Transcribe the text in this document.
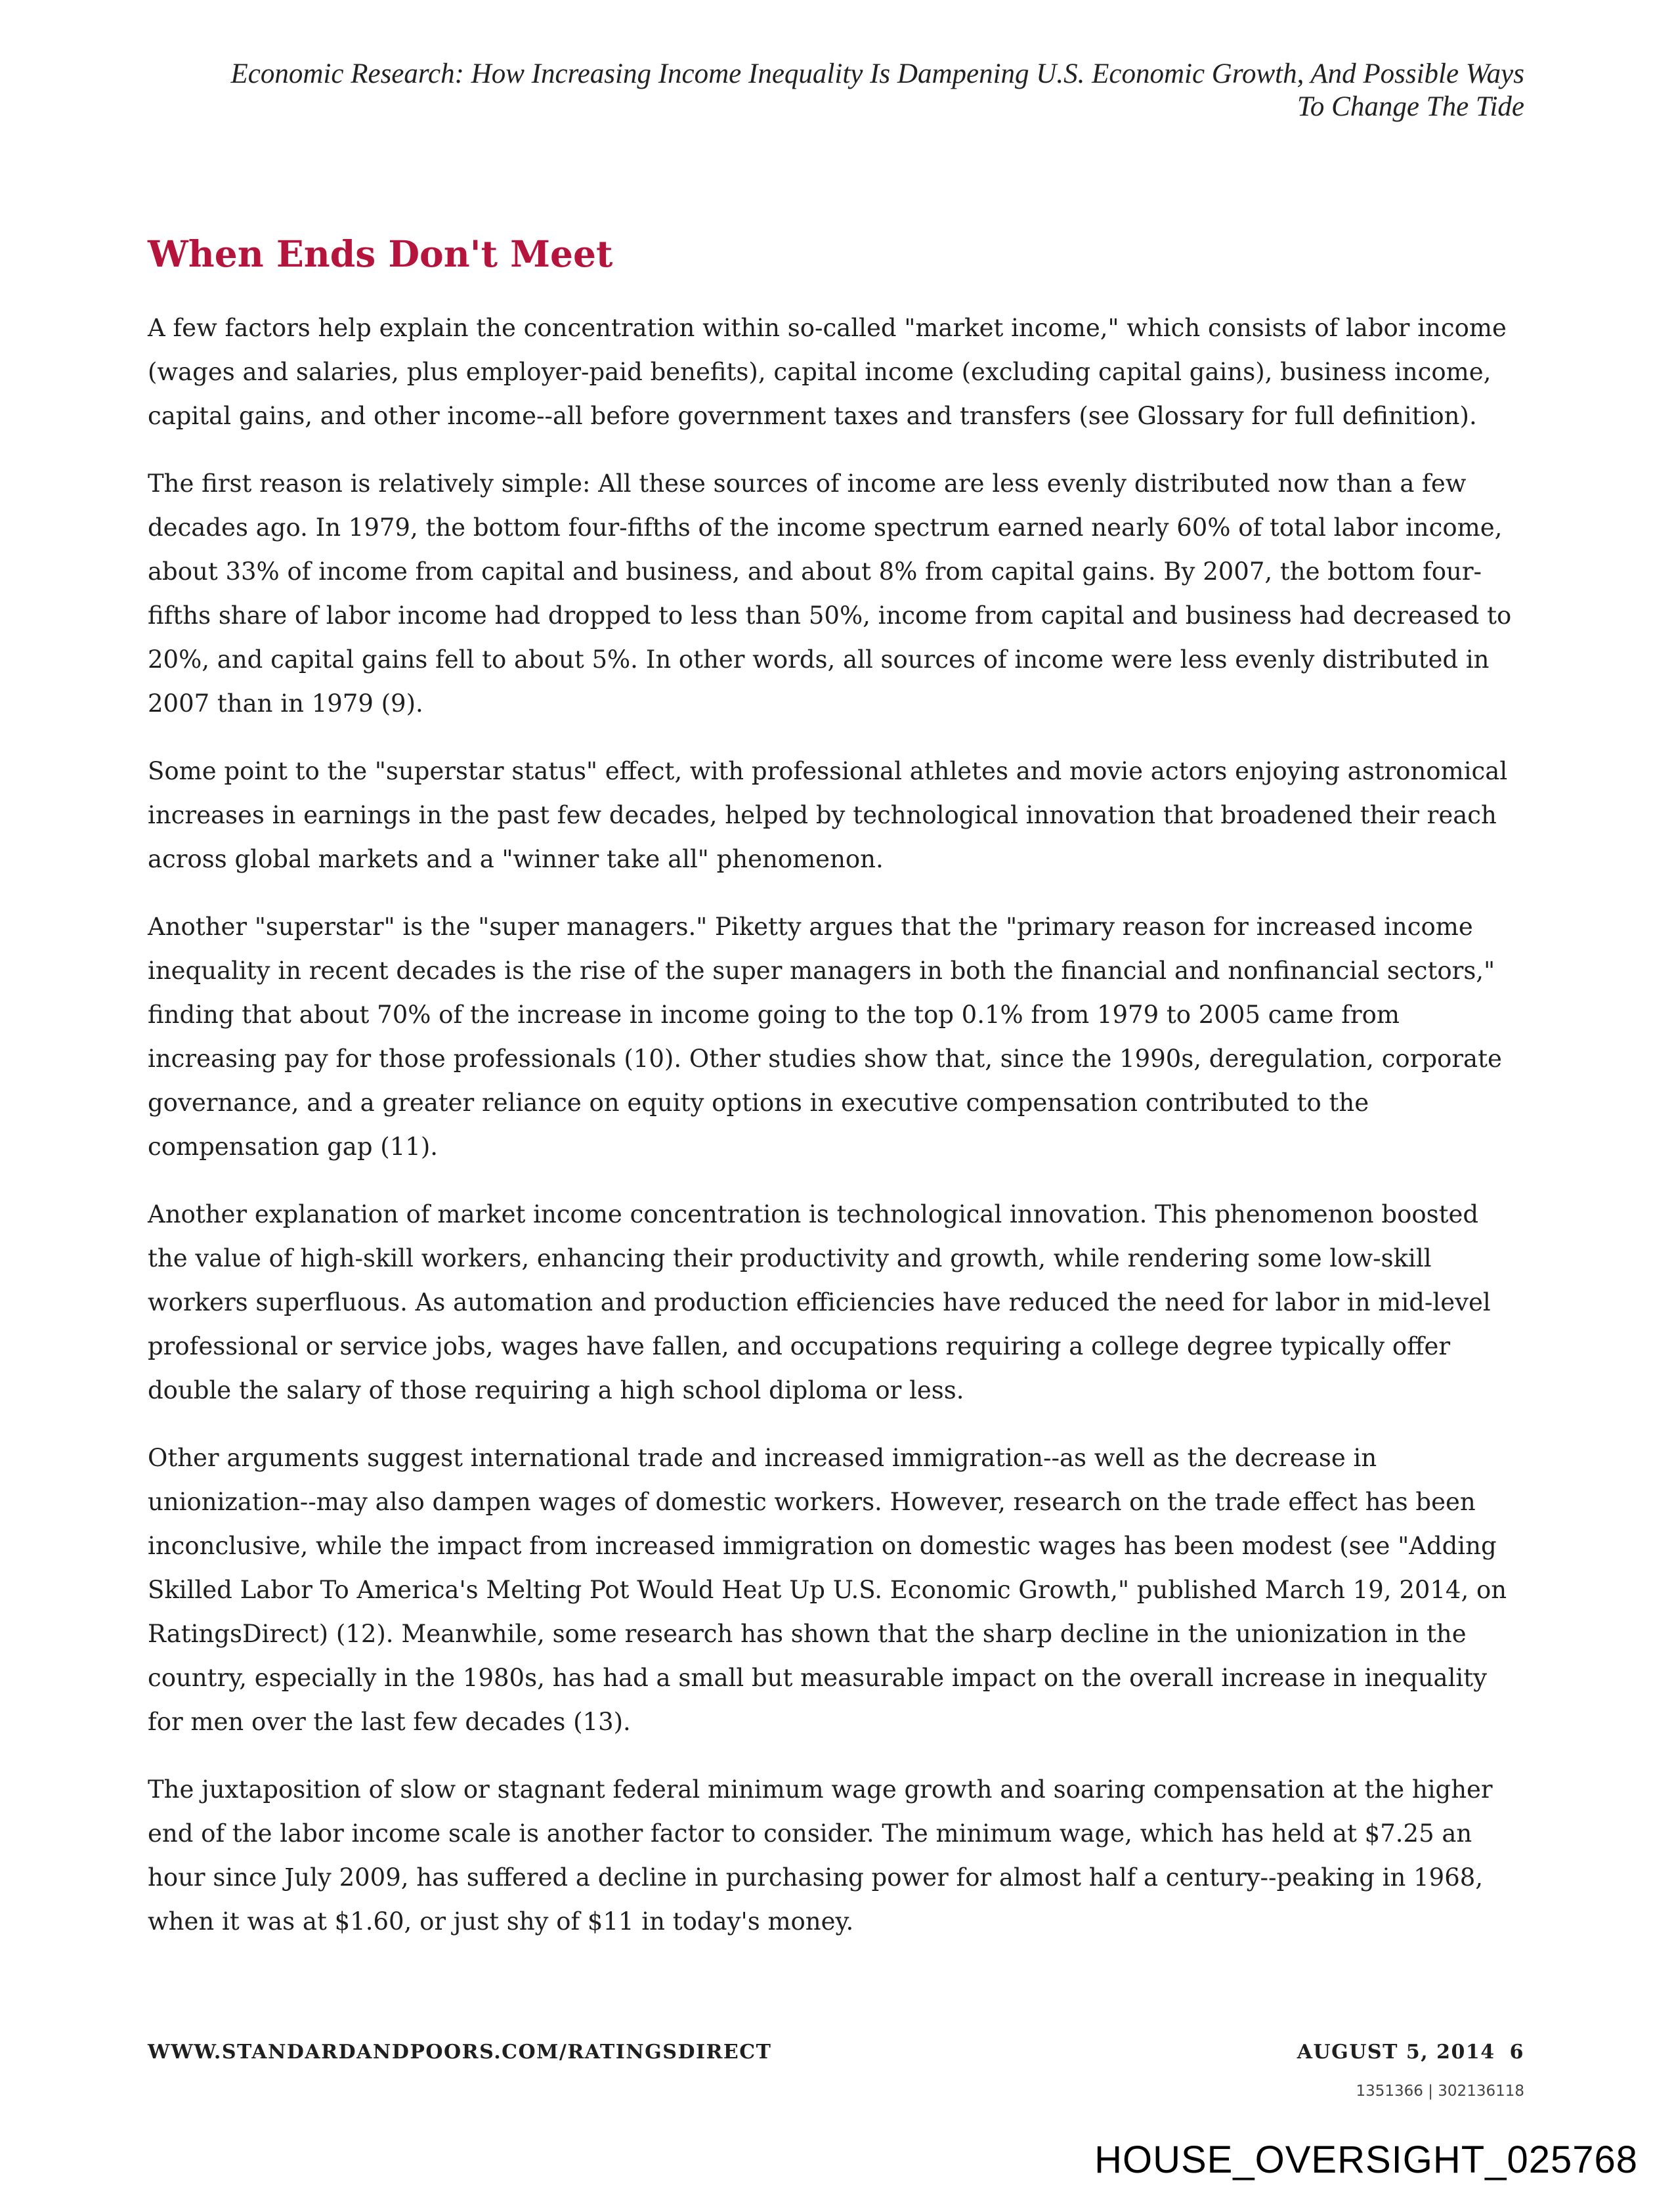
Economic Research: How Increasing Income Inequality Is Dampening U.S. Economic Growth, And Possible Ways
To Change The Tide
When Ends Don't Meet

A few factors help explain the concentration within so-called "market income," which consists of labor income (wages and salaries, plus employer-paid benefits), capital income (excluding capital gains), business income, capital gains, and other income--all before government taxes and transfers (see Glossary for full definition).

The first reason is relatively simple: All these sources of income are less evenly distributed now than a few decades ago. In 1979, the bottom four-fifths of the income spectrum earned nearly 60% of total labor income, about 33% of income from capital and business, and about 8% from capital gains. By 2007, the bottom four-fifths share of labor income had dropped to less than 50%, income from capital and business had decreased to 20%, and capital gains fell to about 5%. In other words, all sources of income were less evenly distributed in 2007 than in 1979 (9).

Some point to the "superstar status" effect, with professional athletes and movie actors enjoying astronomical increases in earnings in the past few decades, helped by technological innovation that broadened their reach across global markets and a "winner take all" phenomenon.

Another "superstar" is the "super managers." Piketty argues that the "primary reason for increased income inequality in recent decades is the rise of the super managers in both the financial and nonfinancial sectors," finding that about 70% of the increase in income going to the top 0.1% from 1979 to 2005 came from increasing pay for those professionals (10). Other studies show that, since the 1990s, deregulation, corporate governance, and a greater reliance on equity options in executive compensation contributed to the compensation gap (11).

Another explanation of market income concentration is technological innovation. This phenomenon boosted the value of high-skill workers, enhancing their productivity and growth, while rendering some low-skill workers superfluous. As automation and production efficiencies have reduced the need for labor in mid-level professional or service jobs, wages have fallen, and occupations requiring a college degree typically offer double the salary of those requiring a high school diploma or less.

Other arguments suggest international trade and increased immigration--as well as the decrease in unionization--may also dampen wages of domestic workers. However, research on the trade effect has been inconclusive, while the impact from increased immigration on domestic wages has been modest (see "Adding Skilled Labor To America's Melting Pot Would Heat Up U.S. Economic Growth," published March 19, 2014, on RatingsDirect) (12). Meanwhile, some research has shown that the sharp decline in the unionization in the country, especially in the 1980s, has had a small but measurable impact on the overall increase in inequality for men over the last few decades (13).

The juxtaposition of slow or stagnant federal minimum wage growth and soaring compensation at the higher end of the labor income scale is another factor to consider. The minimum wage, which has held at $7.25 an hour since July 2009, has suffered a decline in purchasing power for almost half a century--peaking in 1968, when it was at $1.60, or just shy of $11 in today's money.

WWW.STANDARDANDPOORS.COM/RATINGSDIRECT	AUGUST 5, 2014 6
1351366 | 302136118
HOUSE_OVERSIGHT_025768
